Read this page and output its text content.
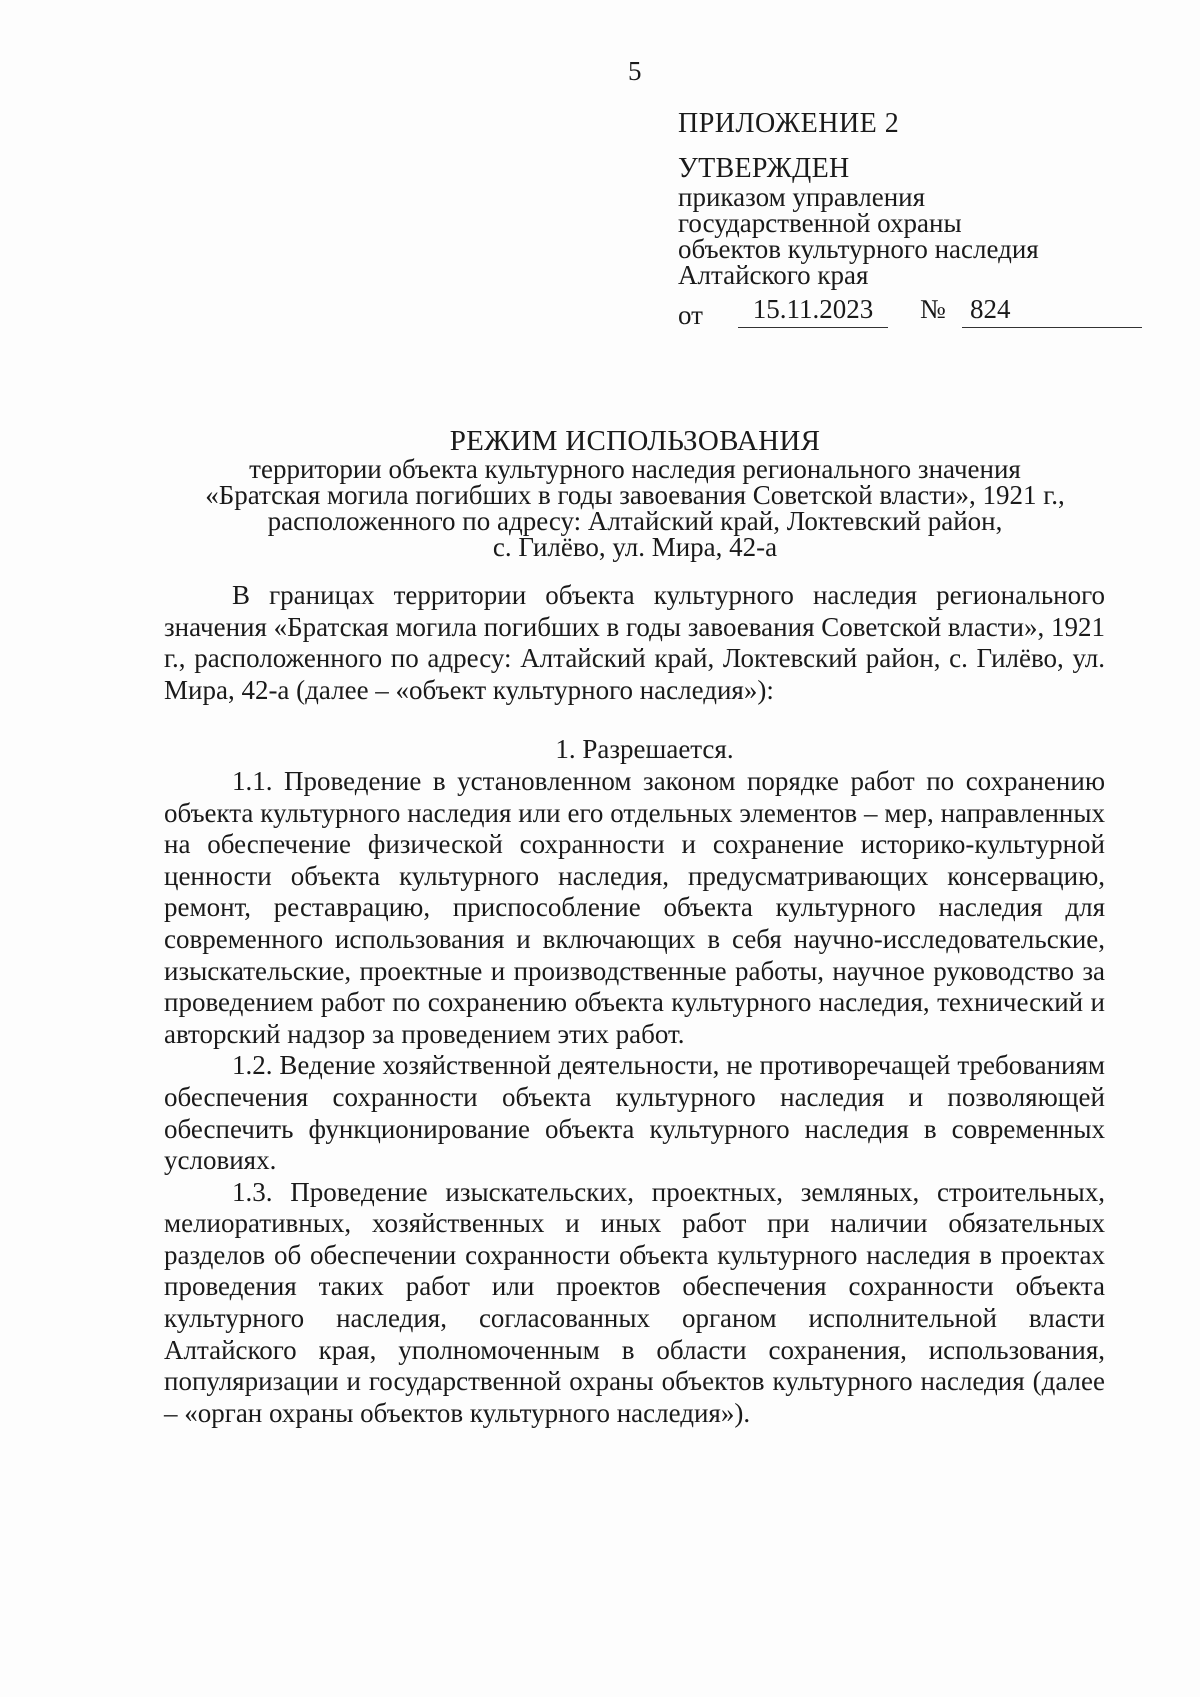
5
ПРИЛОЖЕНИЕ 2
УТВЕРЖДЕН
приказом управления
государственной охраны
объектов культурного наследия
Алтайского края
от	15.11.2023	№ 824
РЕЖИМ ИСПОЛЬЗОВАНИЯ
территории объекта культурного наследия регионального значения
«Братская могила погибших в годы завоевания Советской власти», 1921 г.,
расположенного по адресу: Алтайский край, Локтевский район,
с. Гилёво, ул. Мира, 42-а

В границах территории объекта культурного наследия регионального значения «Братская могила погибших в годы завоевания Советской власти», 1921 г., расположенного по адресу: Алтайский край, Локтевский район, с. Гилёво, ул. Мира, 42-а (далее – «объект культурного наследия»):

1. Разрешается.

1.1. Проведение в установленном законом порядке работ по сохранению объекта культурного наследия или его отдельных элементов – мер, направленных на обеспечение физической сохранности и сохранение историко-культурной ценности объекта культурного наследия, предусматривающих консервацию, ремонт, реставрацию, приспособление объекта культурного наследия для современного использования и включающих в себя научно-исследовательские, изыскательские, проектные и производственные работы, научное руководство за проведением работ по сохранению объекта культурного наследия, технический и авторский надзор за проведением этих работ.

1.2. Ведение хозяйственной деятельности, не противоречащей требованиям обеспечения сохранности объекта культурного наследия и позволяющей обеспечить функционирование объекта культурного наследия в современных условиях.

1.3. Проведение изыскательских, проектных, земляных, строительных, мелиоративных, хозяйственных и иных работ при наличии обязательных разделов об обеспечении сохранности объекта культурного наследия в проектах проведения таких работ или проектов обеспечения сохранности объекта культурного наследия, согласованных органом исполнительной власти Алтайского края, уполномоченным в области сохранения, использования, популяризации и государственной охраны объектов культурного наследия (далее – «орган охраны объектов культурного наследия»).
